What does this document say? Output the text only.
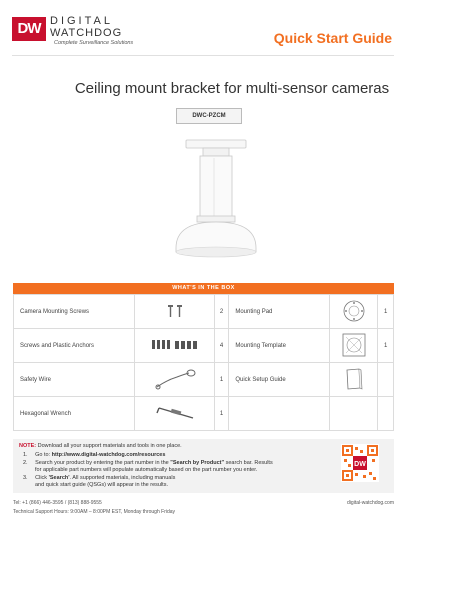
DW DIGITAL
WATCHDOG
Complete Surveillance Solutions	Quick Start Guide
Ceiling mount bracket for multi-sensor cameras
DWC-PZCM
WHAT'S IN THE BOX
Camera Mounting Screws		2	Mounting Pad		1
Screws and Plastic Anchors		4	Mounting Template		1
Safety Wire		1	Quick Setup Guide		
Hexagonal Wrench		1			
NOTE: Download all your support materials and tools in one place.
1. Go to: http://www.digital-watchdog.com/resources
2. Search your product by entering the part number in the "Search by Product" search bar. Results
for applicable part numbers will populate automatically based on the part number you enter.
3. Click 'Search'. All supported materials, including manuals
and quick start guide (QSGs) will appear in the results.
DW
Tel: +1 (866) 446-3595 / (813) 888-9555
Technical Support Hours: 9:00AM – 8:00PM EST, Monday through Friday
digital-watchdog.com
